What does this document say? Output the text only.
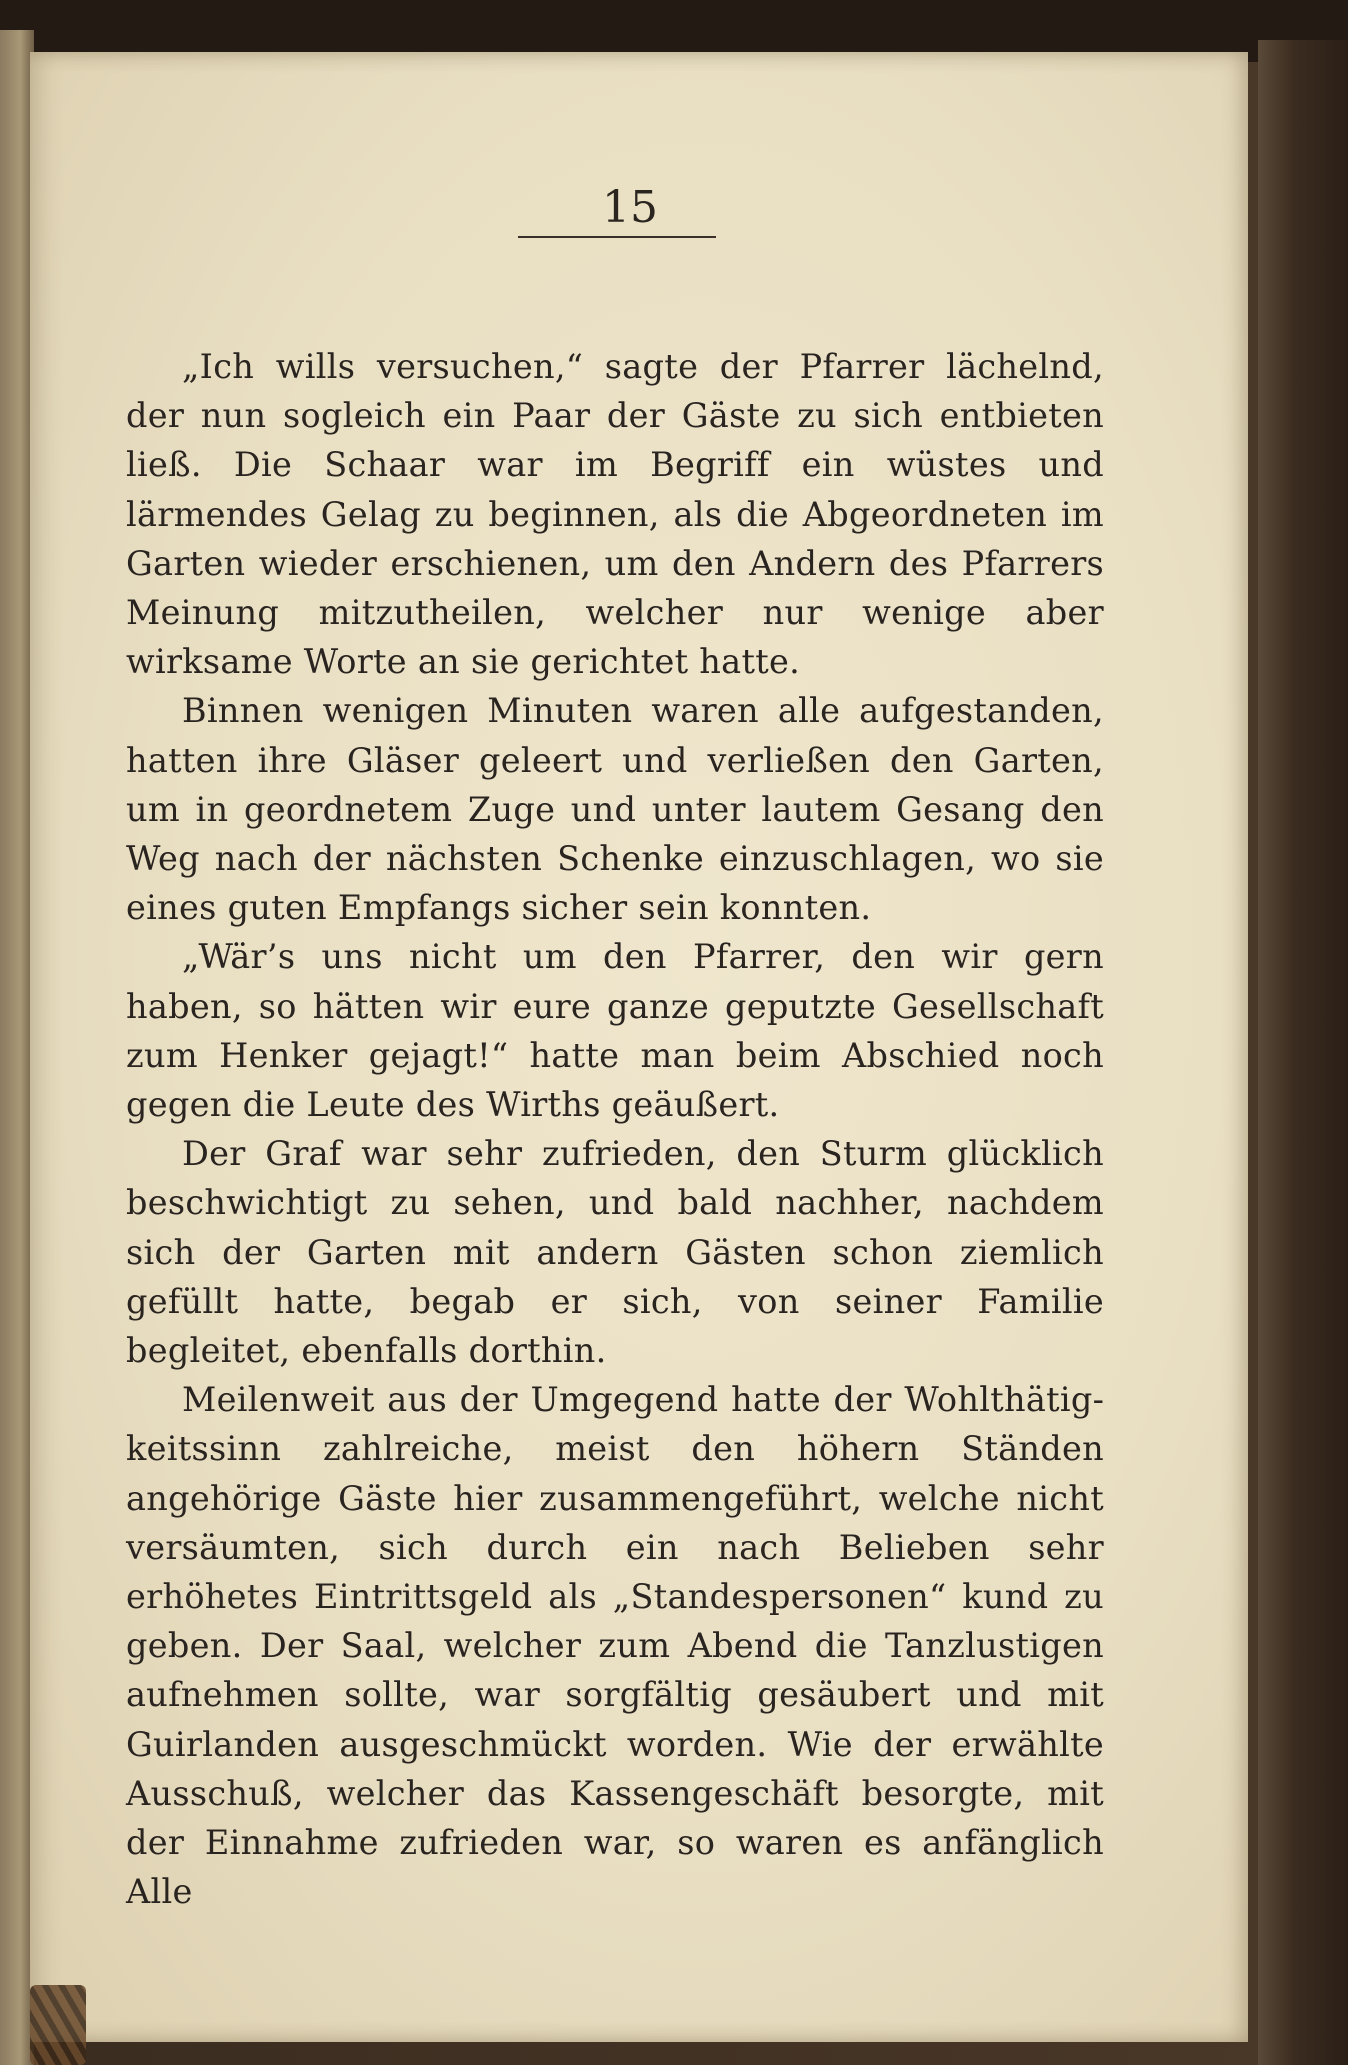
15

„Ich wills versuchen,“ sagte der Pfarrer lächelnd, der nun sogleich ein Paar der Gäste zu sich entbieten ließ. Die Schaar war im Begriff ein wüstes und lärmendes Gelag zu beginnen, als die Abgeordneten im Garten wieder erschienen, um den Andern des Pfarrers Meinung mitzutheilen, welcher nur wenige aber wirksame Worte an sie gerichtet hatte.

Binnen wenigen Minuten waren alle aufgestanden, hatten ihre Gläser geleert und verließen den Garten, um in geordnetem Zuge und unter lautem Gesang den Weg nach der nächsten Schenke einzuschlagen, wo sie eines guten Empfangs sicher sein konnten.

„Wär’s uns nicht um den Pfarrer, den wir gern haben, so hätten wir eure ganze geputzte Gesellschaft zum Henker gejagt!“ hatte man beim Abschied noch gegen die Leute des Wirths geäußert.

Der Graf war sehr zufrieden, den Sturm glücklich beschwichtigt zu sehen, und bald nachher, nachdem sich der Garten mit andern Gästen schon ziemlich gefüllt hatte, begab er sich, von seiner Familie begleitet, ebenfalls dorthin.

Meilenweit aus der Umgegend hatte der Wohlthätigkeitssinn zahlreiche, meist den höhern Ständen angehörige Gäste hier zusammengeführt, welche nicht versäumten, sich durch ein nach Belieben sehr erhöhetes Eintrittsgeld als „Standespersonen“ kund zu geben. Der Saal, welcher zum Abend die Tanzlustigen aufnehmen sollte, war sorgfältig gesäubert und mit Guirlanden ausgeschmückt worden. Wie der erwählte Ausschuß, welcher das Kassengeschäft besorgte, mit der Einnahme zufrieden war, so waren es anfänglich Alle
